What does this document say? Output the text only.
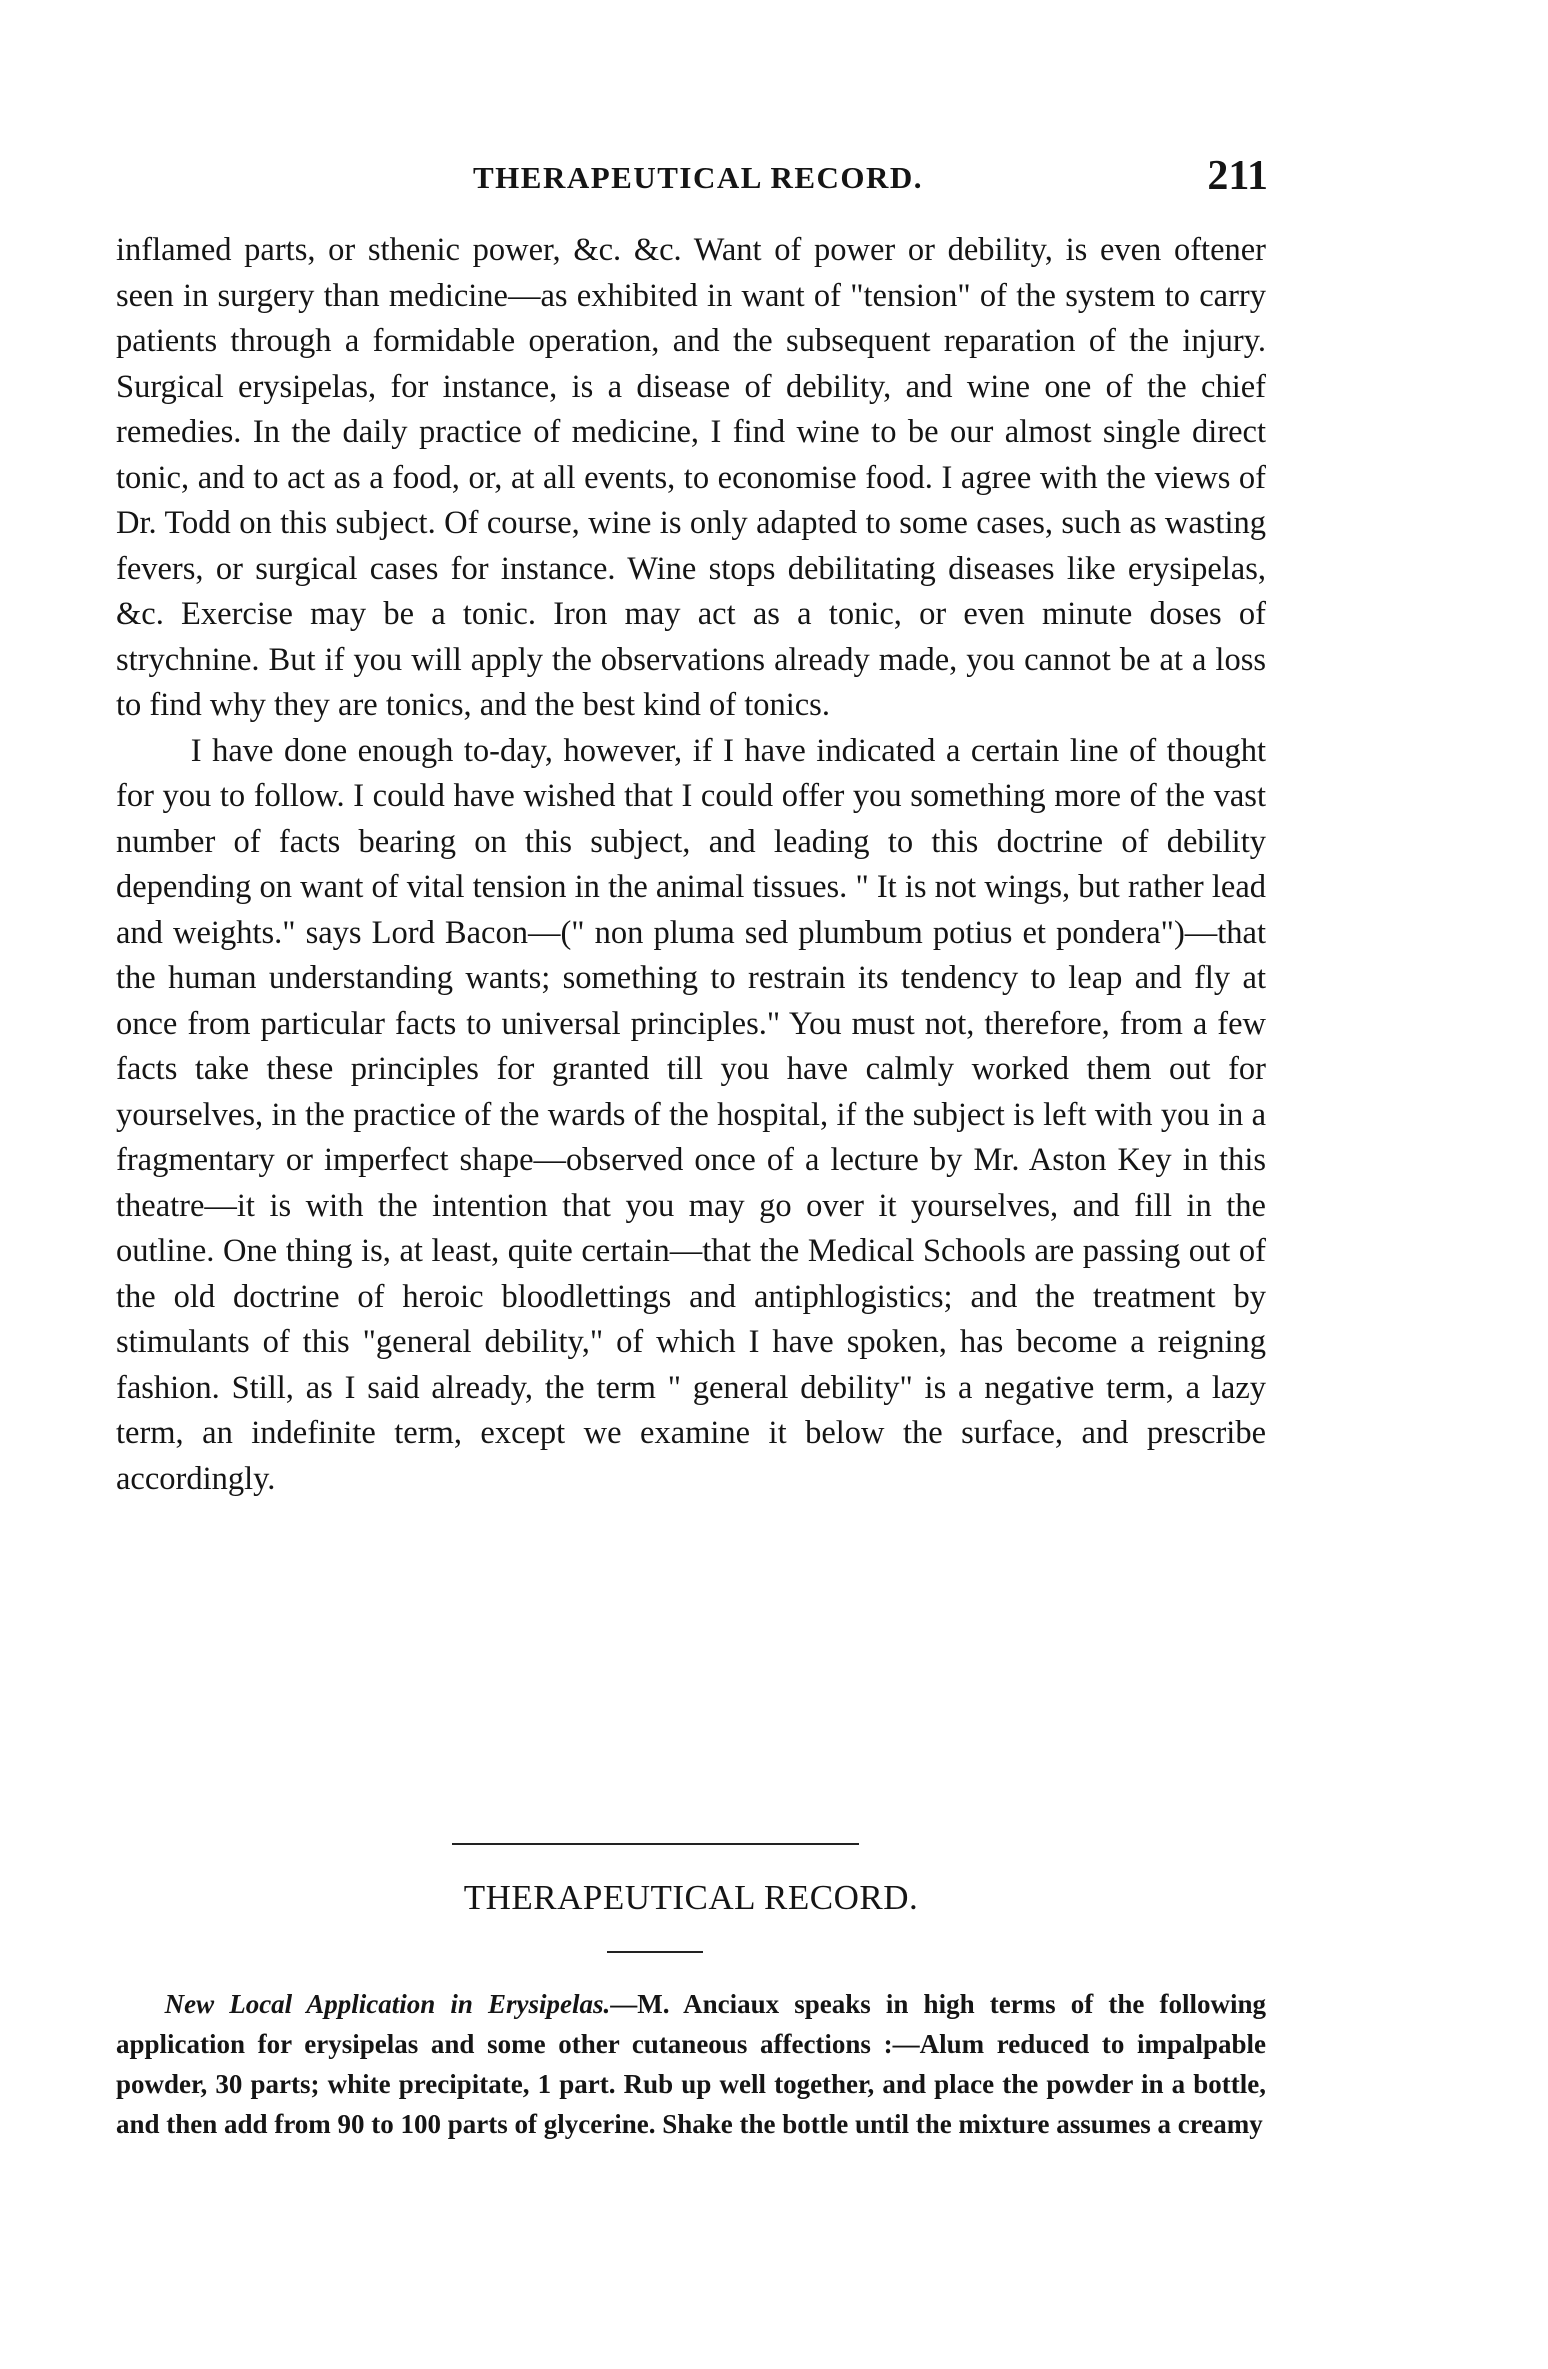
THERAPEUTICAL RECORD.	211

inflamed parts, or sthenic power, &c. &c. Want of power or debility, is even oftener seen in surgery than medicine—as exhibited in want of "tension" of the system to carry patients through a formidable operation, and the subsequent reparation of the injury. Surgical erysipelas, for instance, is a disease of debility, and wine one of the chief remedies. In the daily practice of medicine, I find wine to be our almost single direct tonic, and to act as a food, or, at all events, to economise food. I agree with the views of Dr. Todd on this subject. Of course, wine is only adapted to some cases, such as wasting fevers, or surgical cases for instance. Wine stops debilitating diseases like erysipelas, &c. Exercise may be a tonic. Iron may act as a tonic, or even minute doses of strychnine. But if you will apply the observations already made, you cannot be at a loss to find why they are tonics, and the best kind of tonics.

I have done enough to-day, however, if I have indicated a certain line of thought for you to follow. I could have wished that I could offer you something more of the vast number of facts bearing on this subject, and leading to this doctrine of debility depending on want of vital tension in the animal tissues. " It is not wings, but rather lead and weights." says Lord Bacon—(" non pluma sed plumbum potius et pondera")—that the human understanding wants; something to restrain its tendency to leap and fly at once from particular facts to universal principles." You must not, therefore, from a few facts take these principles for granted till you have calmly worked them out for yourselves, in the practice of the wards of the hospital, if the subject is left with you in a fragmentary or imperfect shape—observed once of a lecture by Mr. Aston Key in this theatre—it is with the intention that you may go over it yourselves, and fill in the outline. One thing is, at least, quite certain—that the Medical Schools are passing out of the old doctrine of heroic bloodlettings and antiphlogistics; and the treatment by stimulants of this "general debility," of which I have spoken, has become a reigning fashion. Still, as I said already, the term " general debility" is a negative term, a lazy term, an indefinite term, except we examine it below the surface, and prescribe accordingly.

THERAPEUTICAL RECORD.
New Local Application in Erysipelas.—M. Anciaux speaks in high terms of the following application for erysipelas and some other cutaneous affections :—Alum reduced to impalpable powder, 30 parts; white precipitate, 1 part. Rub up well together, and place the powder in a bottle, and then add from 90 to 100 parts of glycerine. Shake the bottle until the mixture assumes a creamy
